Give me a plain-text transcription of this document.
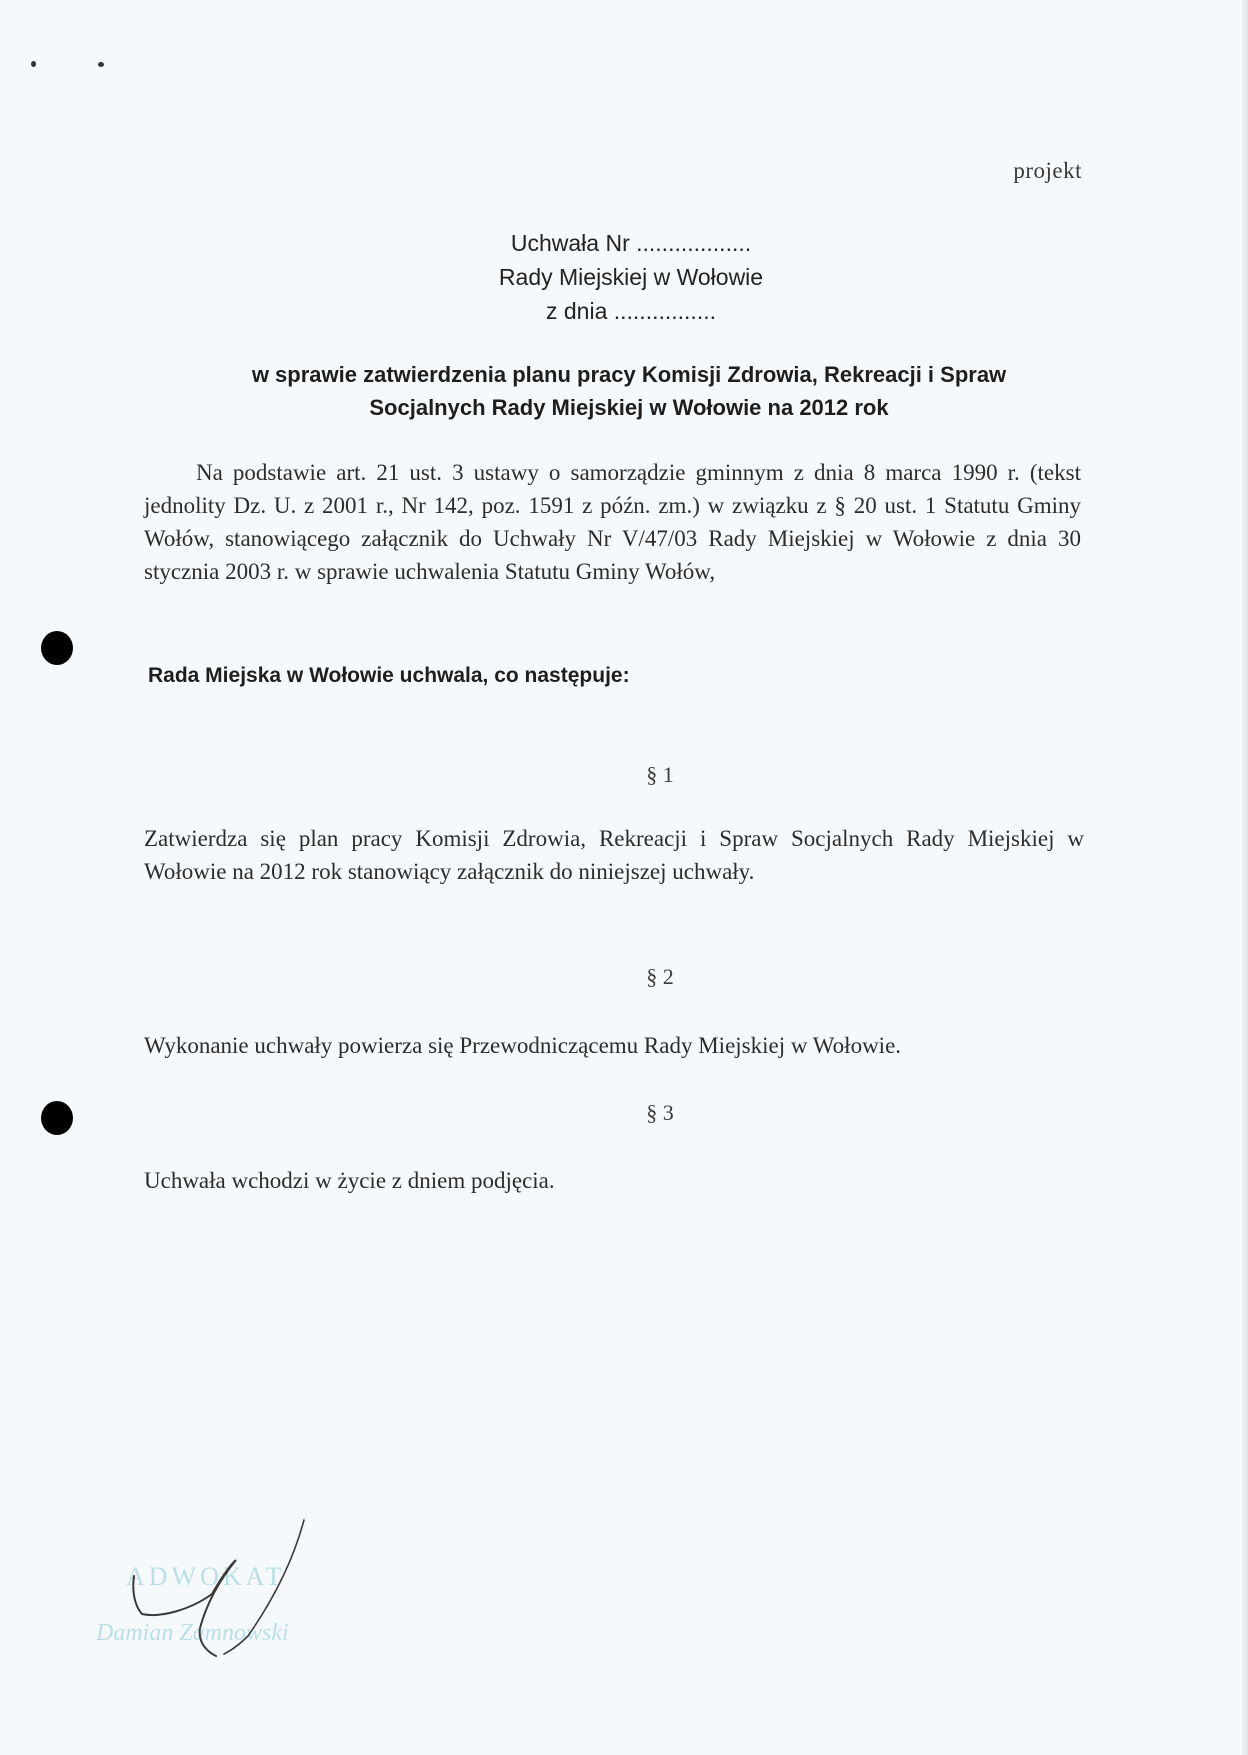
projekt
Uchwała Nr ..................
Rady Miejskiej w Wołowie
z dnia ................
w sprawie zatwierdzenia planu pracy Komisji Zdrowia, Rekreacji i Spraw
Socjalnych Rady Miejskiej w Wołowie na 2012 rok
Na podstawie art. 21 ust. 3 ustawy o samorządzie gminnym z dnia 8 marca 1990 r. (tekst jednolity Dz. U. z 2001 r., Nr 142, poz. 1591 z późn. zm.) w związku z § 20 ust. 1 Statutu Gminy Wołów, stanowiącego załącznik do Uchwały Nr V/47/03 Rady Miejskiej w Wołowie z dnia 30 stycznia 2003 r. w sprawie uchwalenia Statutu Gminy Wołów,
Rada Miejska w Wołowie uchwala, co następuje:
§ 1
Zatwierdza się plan pracy Komisji Zdrowia, Rekreacji i Spraw Socjalnych Rady Miejskiej w Wołowie na 2012 rok stanowiący załącznik do niniejszej uchwały.
§ 2
Wykonanie uchwały powierza się Przewodniczącemu Rady Miejskiej w Wołowie.
§ 3
Uchwała wchodzi w życie z dniem podjęcia.
ADWOKAT
Damian Zamnowski
